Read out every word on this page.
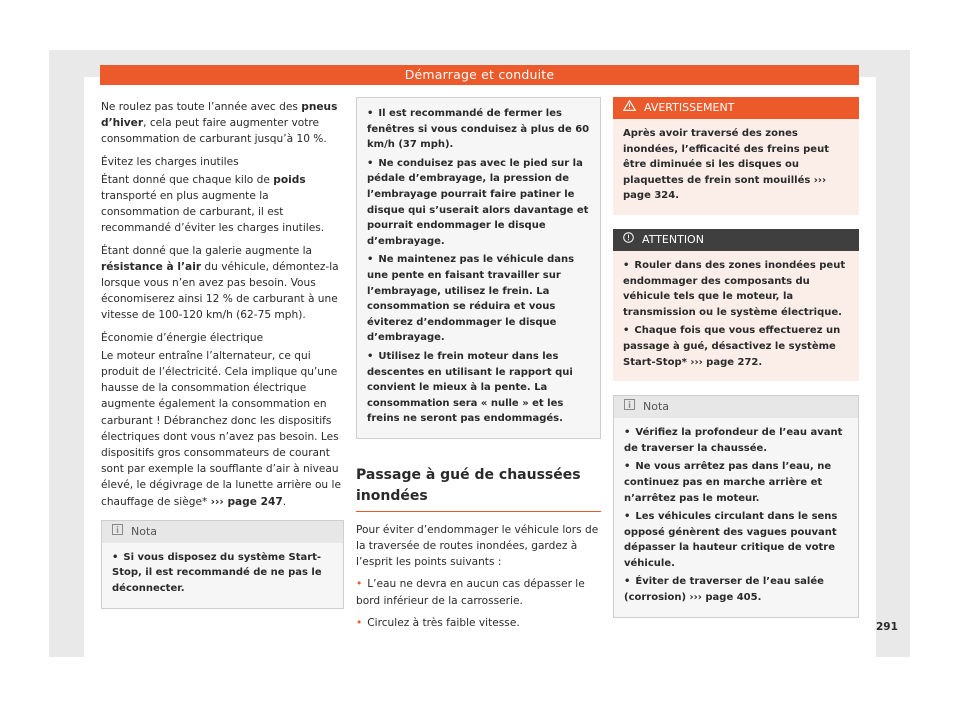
Démarrage et conduite

Ne roulez pas toute l’année avec des pneus d’hiver, cela peut faire augmenter votre consommation de carburant jusqu’à 10 %.

Évitez les charges inutiles

Étant donné que chaque kilo de poids transporté en plus augmente la consommation de carburant, il est recommandé d’éviter les charges inutiles.

Étant donné que la galerie augmente la résistance à l’air du véhicule, démontez-la lorsque vous n’en avez pas besoin. Vous économiserez ainsi 12 % de carburant à une vitesse de 100-120 km/h (62-75 mph).

Économie d’énergie électrique

Le moteur entraîne l’alternateur, ce qui produit de l’électricité. Cela implique qu’une hausse de la consommation électrique augmente également la consommation en carburant ! Débranchez donc les dispositifs électriques dont vous n’avez pas besoin. Les dispositifs gros consommateurs de courant sont par exemple la soufflante d’air à niveau élevé, le dégivrage de la lunette arrière ou le chauffage de siège* ››› page 247.

Nota

• Si vous disposez du système Start-Stop, il est recommandé de ne pas le déconnecter.

• Il est recommandé de fermer les fenêtres si vous conduisez à plus de 60 km/h (37 mph).

• Ne conduisez pas avec le pied sur la pédale d’embrayage, la pression de l’embrayage pourrait faire patiner le disque qui s’userait alors davantage et pourrait endommager le disque d’embrayage.

• Ne maintenez pas le véhicule dans une pente en faisant travailler sur l’embrayage, utilisez le frein. La consommation se réduira et vous éviterez d’endommager le disque d’embrayage.

• Utilisez le frein moteur dans les descentes en utilisant le rapport qui convient le mieux à la pente. La consommation sera « nulle » et les freins ne seront pas endommagés.

Passage à gué de chaussées inondées

Pour éviter d’endommager le véhicule lors de la traversée de routes inondées, gardez à l’esprit les points suivants :

• L’eau ne devra en aucun cas dépasser le bord inférieur de la carrosserie.

• Circulez à très faible vitesse.

AVERTISSEMENT

Après avoir traversé des zones inondées, l’efficacité des freins peut être diminuée si les disques ou plaquettes de frein sont mouillés ››› page 324.

ATTENTION

• Rouler dans des zones inondées peut endommager des composants du véhicule tels que le moteur, la transmission ou le système électrique.

• Chaque fois que vous effectuerez un passage à gué, désactivez le système Start-Stop* ››› page 272.

Nota

• Vérifiez la profondeur de l’eau avant de traverser la chaussée.

• Ne vous arrêtez pas dans l’eau, ne continuez pas en marche arrière et n’arrêtez pas le moteur.

• Les véhicules circulant dans le sens opposé génèrent des vagues pouvant dépasser la hauteur critique de votre véhicule.

• Éviter de traverser de l’eau salée (corrosion) ››› page 405.

291
